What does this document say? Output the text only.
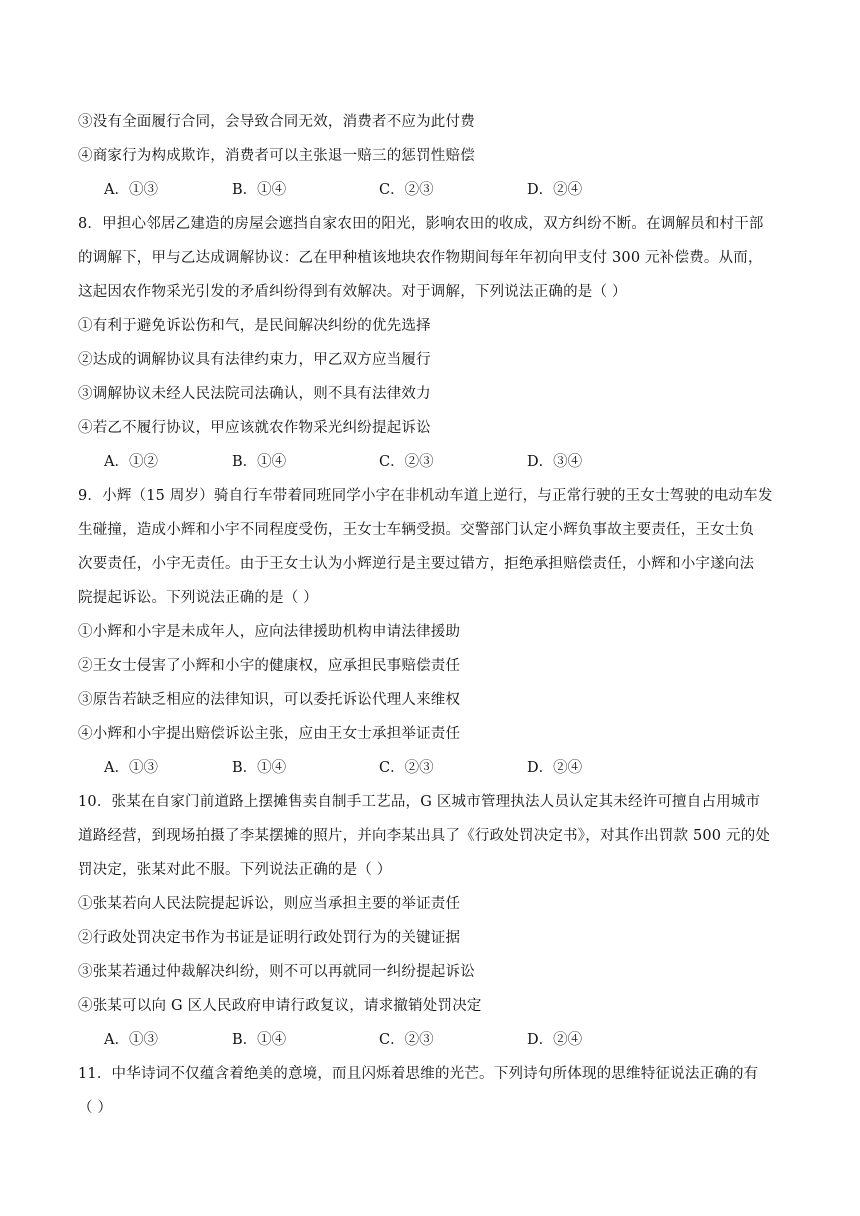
③没有全面履行合同，会导致合同无效，消费者不应为此付费
④商家行为构成欺诈，消费者可以主张退一赔三的惩罚性赔偿
A．①③	B．①④	C．②③	D．②④
8．甲担心邻居乙建造的房屋会遮挡自家农田的阳光，影响农田的收成，双方纠纷不断。在调解员和村干部
的调解下，甲与乙达成调解协议：乙在甲种植该地块农作物期间每年年初向甲支付 300 元补偿费。从而，
这起因农作物采光引发的矛盾纠纷得到有效解决。对于调解，下列说法正确的是（ ）
①有利于避免诉讼伤和气，是民间解决纠纷的优先选择
②达成的调解协议具有法律约束力，甲乙双方应当履行
③调解协议未经人民法院司法确认，则不具有法律效力
④若乙不履行协议，甲应该就农作物采光纠纷提起诉讼
A．①②	B．①④	C．②③	D．③④
9．小辉（15 周岁）骑自行车带着同班同学小宇在非机动车道上逆行，与正常行驶的王女士驾驶的电动车发
生碰撞，造成小辉和小宇不同程度受伤，王女士车辆受损。交警部门认定小辉负事故主要责任，王女士负
次要责任，小宇无责任。由于王女士认为小辉逆行是主要过错方，拒绝承担赔偿责任，小辉和小宇遂向法
院提起诉讼。下列说法正确的是（ ）
①小辉和小宇是未成年人，应向法律援助机构申请法律援助
②王女士侵害了小辉和小宇的健康权，应承担民事赔偿责任
③原告若缺乏相应的法律知识，可以委托诉讼代理人来维权
④小辉和小宇提出赔偿诉讼主张，应由王女士承担举证责任
A．①③	B．①④	C．②③	D．②④
10．张某在自家门前道路上摆摊售卖自制手工艺品，G 区城市管理执法人员认定其未经许可擅自占用城市
道路经营，到现场拍摄了李某摆摊的照片，并向李某出具了《行政处罚决定书》，对其作出罚款 500 元的处
罚决定，张某对此不服。下列说法正确的是（ ）
①张某若向人民法院提起诉讼，则应当承担主要的举证责任
②行政处罚决定书作为书证是证明行政处罚行为的关键证据
③张某若通过仲裁解决纠纷，则不可以再就同一纠纷提起诉讼
④张某可以向 G 区人民政府申请行政复议，请求撤销处罚决定
A．①③	B．①④	C．②③	D．②④
11．中华诗词不仅蕴含着绝美的意境，而且闪烁着思维的光芒。下列诗句所体现的思维特征说法正确的有
（ ）
